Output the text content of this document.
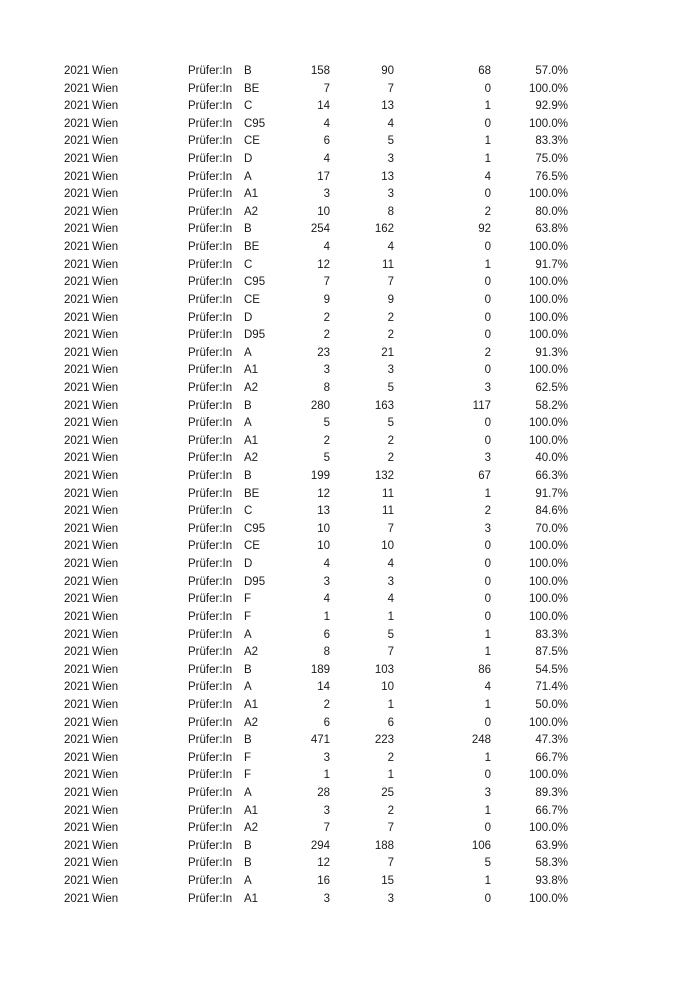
2021 Wien	Prüfer:In B	158	90	68	57.0%
2021 Wien	Prüfer:In BE	7	7	0	100.0%
2021 Wien	Prüfer:In C	14	13	1	92.9%
2021 Wien	Prüfer:In C95	4	4	0	100.0%
2021 Wien	Prüfer:In CE	6	5	1	83.3%
2021 Wien	Prüfer:In D	4	3	1	75.0%
2021 Wien	Prüfer:In A	17	13	4	76.5%
2021 Wien	Prüfer:In A1	3	3	0	100.0%
2021 Wien	Prüfer:In A2	10	8	2	80.0%
2021 Wien	Prüfer:In B	254	162	92	63.8%
2021 Wien	Prüfer:In BE	4	4	0	100.0%
2021 Wien	Prüfer:In C	12	11	1	91.7%
2021 Wien	Prüfer:In C95	7	7	0	100.0%
2021 Wien	Prüfer:In CE	9	9	0	100.0%
2021 Wien	Prüfer:In D	2	2	0	100.0%
2021 Wien	Prüfer:In D95	2	2	0	100.0%
2021 Wien	Prüfer:In A	23	21	2	91.3%
2021 Wien	Prüfer:In A1	3	3	0	100.0%
2021 Wien	Prüfer:In A2	8	5	3	62.5%
2021 Wien	Prüfer:In B	280	163	117	58.2%
2021 Wien	Prüfer:In A	5	5	0	100.0%
2021 Wien	Prüfer:In A1	2	2	0	100.0%
2021 Wien	Prüfer:In A2	5	2	3	40.0%
2021 Wien	Prüfer:In B	199	132	67	66.3%
2021 Wien	Prüfer:In BE	12	11	1	91.7%
2021 Wien	Prüfer:In C	13	11	2	84.6%
2021 Wien	Prüfer:In C95	10	7	3	70.0%
2021 Wien	Prüfer:In CE	10	10	0	100.0%
2021 Wien	Prüfer:In D	4	4	0	100.0%
2021 Wien	Prüfer:In D95	3	3	0	100.0%
2021 Wien	Prüfer:In F	4	4	0	100.0%
2021 Wien	Prüfer:In F	1	1	0	100.0%
2021 Wien	Prüfer:In A	6	5	1	83.3%
2021 Wien	Prüfer:In A2	8	7	1	87.5%
2021 Wien	Prüfer:In B	189	103	86	54.5%
2021 Wien	Prüfer:In A	14	10	4	71.4%
2021 Wien	Prüfer:In A1	2	1	1	50.0%
2021 Wien	Prüfer:In A2	6	6	0	100.0%
2021 Wien	Prüfer:In B	471	223	248	47.3%
2021 Wien	Prüfer:In F	3	2	1	66.7%
2021 Wien	Prüfer:In F	1	1	0	100.0%
2021 Wien	Prüfer:In A	28	25	3	89.3%
2021 Wien	Prüfer:In A1	3	2	1	66.7%
2021 Wien	Prüfer:In A2	7	7	0	100.0%
2021 Wien	Prüfer:In B	294	188	106	63.9%
2021 Wien	Prüfer:In B	12	7	5	58.3%
2021 Wien	Prüfer:In A	16	15	1	93.8%
2021 Wien	Prüfer:In A1	3	3	0	100.0%
